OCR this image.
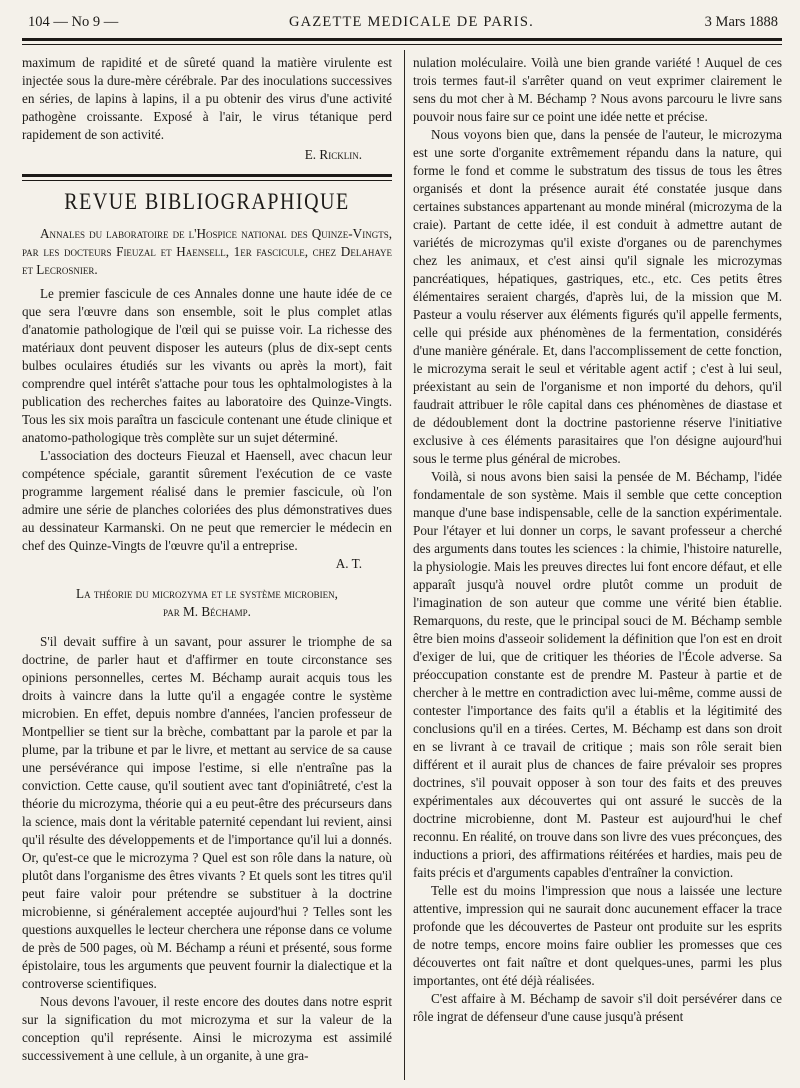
104 — No 9 —	GAZETTE MEDICALE DE PARIS.	3 Mars 1888

maximum de rapidité et de sûreté quand la matière virulente est injectée sous la dure-mère cérébrale. Par des inoculations successives en séries, de lapins à lapins, il a pu obtenir des virus d'une activité pathogène croissante. Exposé à l'air, le virus tétanique perd rapidement de son activité.

E. Ricklin.
REVUE BIBLIOGRAPHIQUE

Annales du laboratoire de l'Hospice national des Quinze-Vingts, par les docteurs Fieuzal et Haensell, 1er fascicule, chez Delahaye et Lecrosnier.

Le premier fascicule de ces Annales donne une haute idée de ce que sera l'œuvre dans son ensemble, soit le plus complet atlas d'anatomie pathologique de l'œil qui se puisse voir. La richesse des matériaux dont peuvent disposer les auteurs (plus de dix-sept cents bulbes oculaires étudiés sur les vivants ou après la mort), fait comprendre quel intérêt s'attache pour tous les ophtalmologistes à la publication des recherches faites au laboratoire des Quinze-Vingts. Tous les six mois paraîtra un fascicule contenant une étude clinique et anatomo-pathologique très complète sur un sujet déterminé.

L'association des docteurs Fieuzal et Haensell, avec chacun leur compétence spéciale, garantit sûrement l'exécution de ce vaste programme largement réalisé dans le premier fascicule, où l'on admire une série de planches coloriées des plus démonstratives dues au dessinateur Karmanski. On ne peut que remercier le médecin en chef des Quinze-Vingts de l'œuvre qu'il a entreprise.

A. T.
La théorie du microzyma et le système microbien,
par M. Béchamp.

S'il devait suffire à un savant, pour assurer le triomphe de sa doctrine, de parler haut et d'affirmer en toute circonstance ses opinions personnelles, certes M. Béchamp aurait acquis tous les droits à vaincre dans la lutte qu'il a engagée contre le système microbien. En effet, depuis nombre d'années, l'ancien professeur de Montpellier se tient sur la brèche, combattant par la parole et par la plume, par la tribune et par le livre, et mettant au service de sa cause une persévérance qui impose l'estime, si elle n'entraîne pas la conviction. Cette cause, qu'il soutient avec tant d'opiniâtreté, c'est la théorie du microzyma, théorie qui a eu peut-être des précurseurs dans la science, mais dont la véritable paternité cependant lui revient, ainsi qu'il résulte des développements et de l'importance qu'il lui a donnés. Or, qu'est-ce que le microzyma ? Quel est son rôle dans la nature, où plutôt dans l'organisme des êtres vivants ? Et quels sont les titres qu'il peut faire valoir pour prétendre se substituer à la doctrine microbienne, si généralement acceptée aujourd'hui ? Telles sont les questions auxquelles le lecteur cherchera une réponse dans ce volume de près de 500 pages, où M. Béchamp a réuni et présenté, sous forme épistolaire, tous les arguments que peuvent fournir la dialectique et la controverse scientifiques.

Nous devons l'avouer, il reste encore des doutes dans notre esprit sur la signification du mot microzyma et sur la valeur de la conception qu'il représente. Ainsi le microzyma est assimilé successivement à une cellule, à un organite, à une gra-

nulation moléculaire. Voilà une bien grande variété ! Auquel de ces trois termes faut-il s'arrêter quand on veut exprimer clairement le sens du mot cher à M. Béchamp ? Nous avons parcouru le livre sans pouvoir nous faire sur ce point une idée nette et précise.

Nous voyons bien que, dans la pensée de l'auteur, le microzyma est une sorte d'organite extrêmement répandu dans la nature, qui forme le fond et comme le substratum des tissus de tous les êtres organisés et dont la présence aurait été constatée jusque dans certaines substances appartenant au monde minéral (microzyma de la craie). Partant de cette idée, il est conduit à admettre autant de variétés de microzymas qu'il existe d'organes ou de parenchymes chez les animaux, et c'est ainsi qu'il signale les microzymas pancréatiques, hépatiques, gastriques, etc., etc. Ces petits êtres élémentaires seraient chargés, d'après lui, de la mission que M. Pasteur a voulu réserver aux éléments figurés qu'il appelle ferments, celle qui préside aux phénomènes de la fermentation, considérés d'une manière générale. Et, dans l'accomplissement de cette fonction, le microzyma serait le seul et véritable agent actif ; c'est à lui seul, préexistant au sein de l'organisme et non importé du dehors, qu'il faudrait attribuer le rôle capital dans ces phénomènes de diastase et de dédoublement dont la doctrine pastorienne réserve l'initiative exclusive à ces éléments parasitaires que l'on désigne aujourd'hui sous le terme plus général de microbes.

Voilà, si nous avons bien saisi la pensée de M. Béchamp, l'idée fondamentale de son système. Mais il semble que cette conception manque d'une base indispensable, celle de la sanction expérimentale. Pour l'étayer et lui donner un corps, le savant professeur a cherché des arguments dans toutes les sciences : la chimie, l'histoire naturelle, la physiologie. Mais les preuves directes lui font encore défaut, et elle apparaît jusqu'à nouvel ordre plutôt comme un produit de l'imagination de son auteur que comme une vérité bien établie. Remarquons, du reste, que le principal souci de M. Béchamp semble être bien moins d'asseoir solidement la définition que l'on est en droit d'exiger de lui, que de critiquer les théories de l'École adverse. Sa préoccupation constante est de prendre M. Pasteur à partie et de chercher à le mettre en contradiction avec lui-même, comme aussi de contester l'importance des faits qu'il a établis et la légitimité des conclusions qu'il en a tirées. Certes, M. Béchamp est dans son droit en se livrant à ce travail de critique ; mais son rôle serait bien différent et il aurait plus de chances de faire prévaloir ses propres doctrines, s'il pouvait opposer à son tour des faits et des preuves expérimentales aux découvertes qui ont assuré le succès de la doctrine microbienne, dont M. Pasteur est aujourd'hui le chef reconnu. En réalité, on trouve dans son livre des vues préconçues, des inductions a priori, des affirmations réitérées et hardies, mais peu de faits précis et d'arguments capables d'entraîner la conviction.

Telle est du moins l'impression que nous a laissée une lecture attentive, impression qui ne saurait donc aucunement effacer la trace profonde que les découvertes de Pasteur ont produite sur les esprits de notre temps, encore moins faire oublier les promesses que ces découvertes ont fait naître et dont quelques-unes, parmi les plus importantes, ont été déjà réalisées.

C'est affaire à M. Béchamp de savoir s'il doit persévérer dans ce rôle ingrat de défenseur d'une cause jusqu'à présent
